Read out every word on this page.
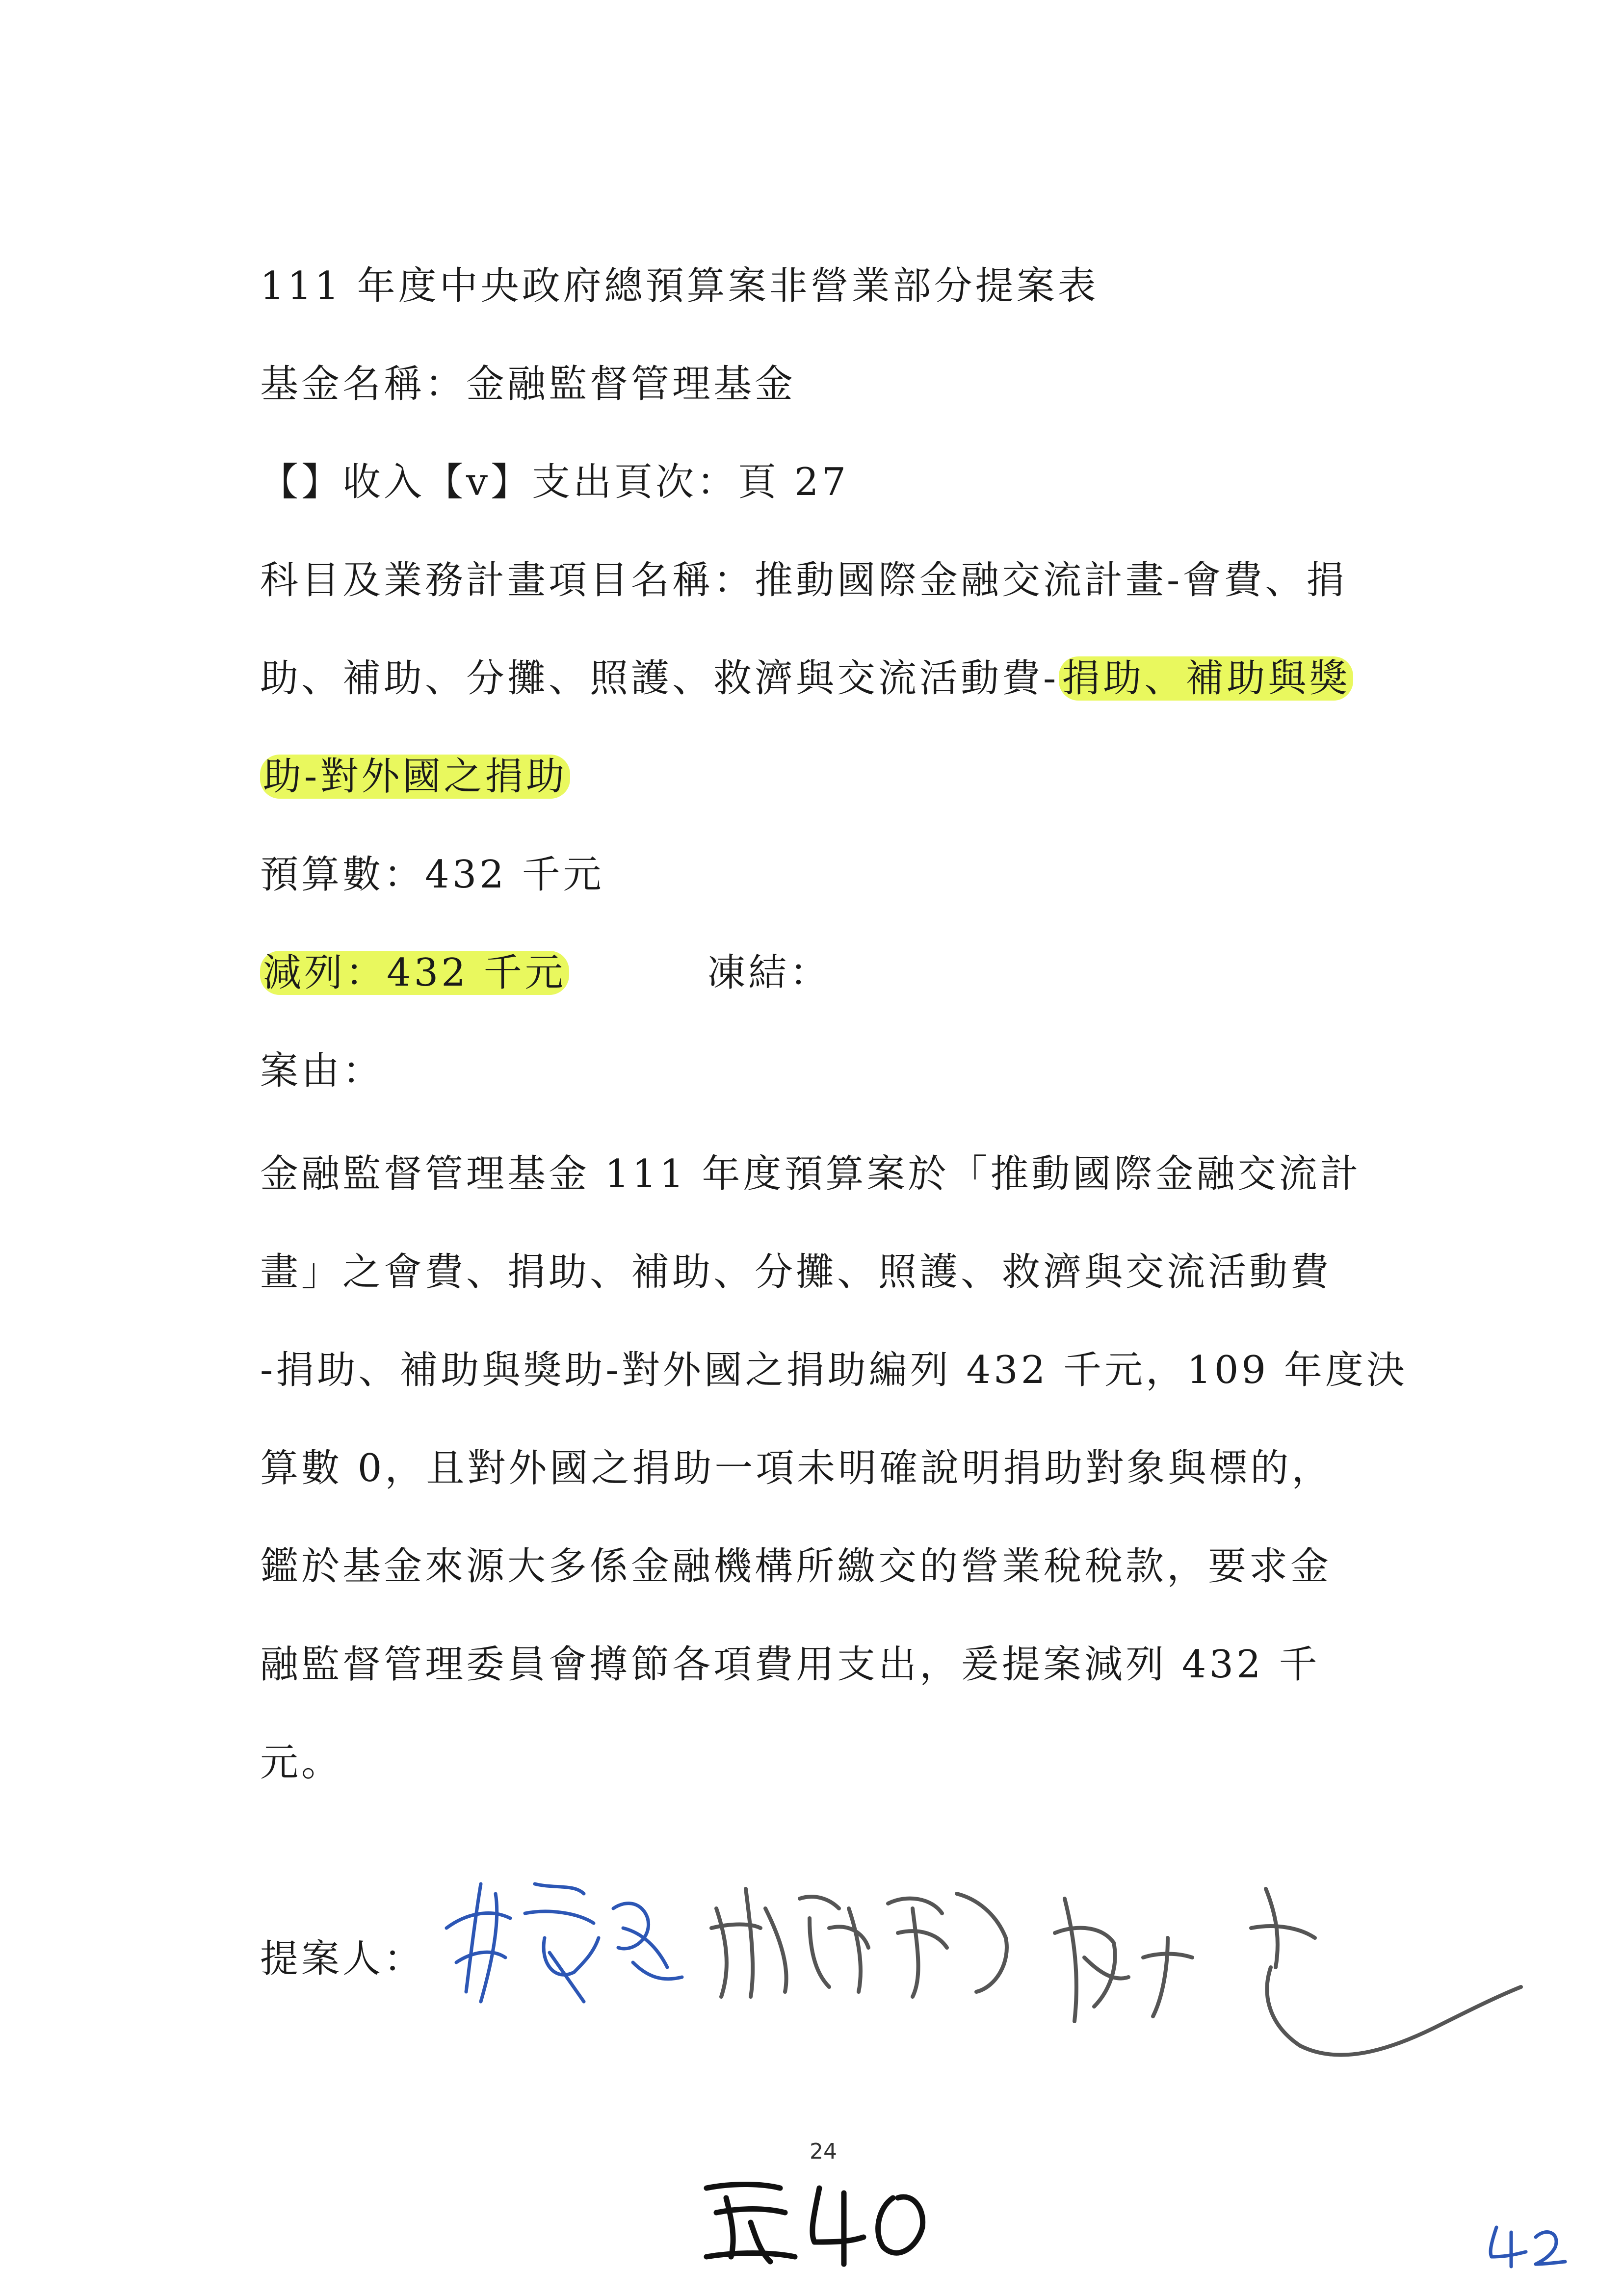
111 年度中央政府總預算案非營業部分提案表
基金名稱：金融監督管理基金
【】收入【v】支出頁次：頁 27
科目及業務計畫項目名稱：推動國際金融交流計畫-會費、捐
助、補助、分攤、照護、救濟與交流活動費-捐助、補助與獎
助-對外國之捐助
預算數：432 千元
減列：432 千元	凍結：
案由：
金融監督管理基金 111 年度預算案於「推動國際金融交流計
畫」之會費、捐助、補助、分攤、照護、救濟與交流活動費
-捐助、補助與獎助-對外國之捐助編列 432 千元，109 年度決
算數 0，且對外國之捐助一項未明確說明捐助對象與標的，
鑑於基金來源大多係金融機構所繳交的營業稅稅款，要求金
融監督管理委員會撙節各項費用支出，爰提案減列 432 千
元。
提案人：
24
